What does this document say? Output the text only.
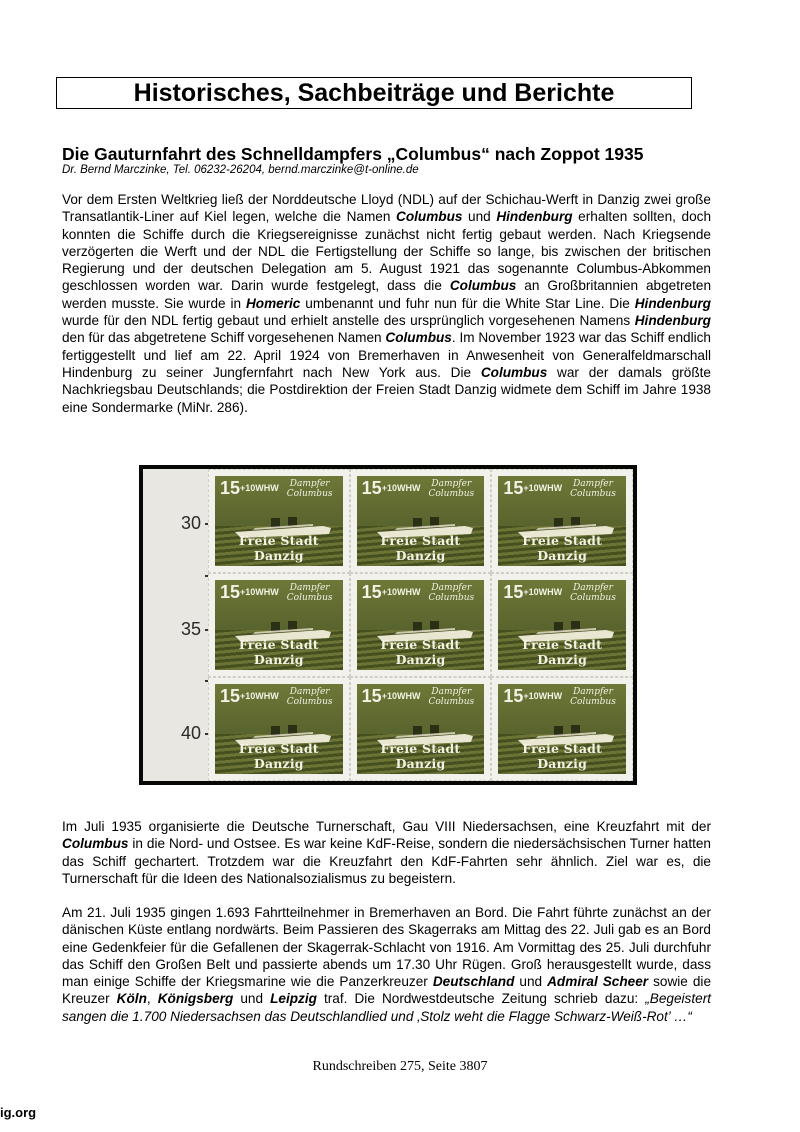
Historisches, Sachbeiträge und Berichte
Die Gauturnfahrt des Schnelldampfers „Columbus“ nach Zoppot 1935
Dr. Bernd Marczinke, Tel. 06232-26204, bernd.marczinke@t-online.de

Vor dem Ersten Weltkrieg ließ der Norddeutsche Lloyd (NDL) auf der Schichau-Werft in Danzig zwei große Transatlantik-Liner auf Kiel legen, welche die Namen Columbus und Hindenburg erhalten sollten, doch konnten die Schiffe durch die Kriegsereignisse zunächst nicht fertig gebaut werden. Nach Kriegsende verzögerten die Werft und der NDL die Fertigstellung der Schiffe so lange, bis zwischen der britischen Regierung und der deutschen Delegation am 5. August 1921 das sogenannte Columbus-Abkommen geschlossen worden war. Darin wurde festgelegt, dass die Columbus an Großbritannien abgetreten werden musste. Sie wurde in Homeric umbenannt und fuhr nun für die White Star Line. Die Hindenburg wurde für den NDL fertig gebaut und erhielt anstelle des ursprünglich vorgesehenen Namens Hindenburg den für das abgetretene Schiff vorgesehenen Namen Columbus. Im November 1923 war das Schiff endlich fertiggestellt und lief am 22. April 1924 von Bremerhaven in Anwesenheit von Generalfeldmarschall Hindenburg zu seiner Jungfernfahrt nach New York aus. Die Columbus war der damals größte Nachkriegsbau Deutschlands; die Postdirektion der Freien Stadt Danzig widmete dem Schiff im Jahre 1938 eine Sondermarke (MiNr. 286).

30
35
40
$15^{+10WHW}$	Dampfer
Columbus
Freie Stadt Danzig
$15^{+10WHW}$	Dampfer
Columbus
Freie Stadt Danzig
$15^{+10WHW}$	Dampfer
Columbus
Freie Stadt Danzig
$15^{+10WHW}$	Dampfer
Columbus
Freie Stadt Danzig
$15^{+10WHW}$	Dampfer
Columbus
Freie Stadt Danzig
$15^{+10WHW}$	Dampfer
Columbus
Freie Stadt Danzig
$15^{+10WHW}$	Dampfer
Columbus
Freie Stadt Danzig
$15^{+10WHW}$	Dampfer
Columbus
Freie Stadt Danzig
$15^{+10WHW}$	Dampfer
Columbus
Freie Stadt Danzig

Im Juli 1935 organisierte die Deutsche Turnerschaft, Gau VIII Niedersachsen, eine Kreuzfahrt mit der Columbus in die Nord- und Ostsee. Es war keine KdF-Reise, sondern die niedersächsischen Turner hatten das Schiff gechartert. Trotzdem war die Kreuzfahrt den KdF-Fahrten sehr ähnlich. Ziel war es, die Turnerschaft für die Ideen des Nationalsozialismus zu begeistern.

Am 21. Juli 1935 gingen 1.693 Fahrtteilnehmer in Bremerhaven an Bord. Die Fahrt führte zunächst an der dänischen Küste entlang nordwärts. Beim Passieren des Skagerraks am Mittag des 22. Juli gab es an Bord eine Gedenkfeier für die Gefallenen der Skagerrak-Schlacht von 1916. Am Vormittag des 25. Juli durchfuhr das Schiff den Großen Belt und passierte abends um 17.30 Uhr Rügen. Groß herausgestellt wurde, dass man einige Schiffe der Kriegsmarine wie die Panzerkreuzer Deutschland und Admiral Scheer sowie die Kreuzer Köln, Königsberg und Leipzig traf. Die Nordwestdeutsche Zeitung schrieb dazu: „Begeistert sangen die 1.700 Niedersachsen das Deutschlandlied und ‚Stolz weht die Flagge Schwarz-Weiß-Rot’ …“

Rundschreiben 275, Seite 3807
ig.org
